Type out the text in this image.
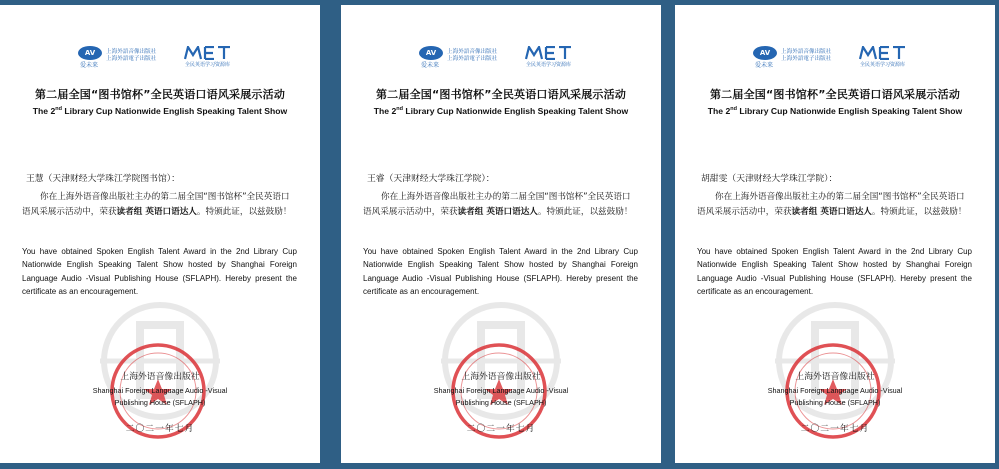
AV
爱未来
上海外語音像出版社
上海外語電子出版社
全民英语学习资源库
第二届全国“图书馆杯”全民英语口语风采展示活动
The 2nd Library Cup Nationwide English Speaking Talent Show
王睿（天津财经大学珠江学院）：
你在上海外语音像出版社主办的第二届全国“图书馆杯”全民英语口语风采展示活动中，荣获读者组 英语口语达人。特颁此证，以兹鼓励！
You have obtained Spoken English Talent Award in the 2nd Library Cup Nationwide English Speaking Talent Show hosted by Shanghai Foreign Language Audio -Visual Publishing House (SFLAPH). Hereby present the certificate as an encouragement.
上海外语音像出版社
Shanghai Foreign Language Audio -Visual
Publishing House (SFLAPH)
二〇二一年七月
AV
爱未来
上海外語音像出版社
上海外語電子出版社
全民英语学习资源库
第二届全国“图书馆杯”全民英语口语风采展示活动
The 2nd Library Cup Nationwide English Speaking Talent Show
胡甜雯（天津财经大学珠江学院）：
你在上海外语音像出版社主办的第二届全国“图书馆杯”全民英语口语风采展示活动中，荣获读者组 英语口语达人。特颁此证，以兹鼓励！
You have obtained Spoken English Talent Award in the 2nd Library Cup Nationwide English Speaking Talent Show hosted by Shanghai Foreign Language Audio -Visual Publishing House (SFLAPH). Hereby present the certificate as an encouragement.
上海外语音像出版社
Shanghai Foreign Language Audio -Visual
Publishing House (SFLAPH)
二〇二一年七月
AV
爱未来
上海外語音像出版社
上海外語電子出版社
全民英语学习资源库
第二届全国“图书馆杯”全民英语口语风采展示活动
The 2nd Library Cup Nationwide English Speaking Talent Show
王慧（天津财经大学珠江学院图书馆）：
你在上海外语音像出版社主办的第二届全国“图书馆杯”全民英语口语风采展示活动中，荣获读者组 英语口语达人。特颁此证，以兹鼓励！
You have obtained Spoken English Talent Award in the 2nd Library Cup Nationwide English Speaking Talent Show hosted by Shanghai Foreign Language Audio -Visual Publishing House (SFLAPH). Hereby present the certificate as an encouragement.
上海外语音像出版社
Shanghai Foreign Language Audio -Visual
Publishing House (SFLAPH)
二〇二一年七月
